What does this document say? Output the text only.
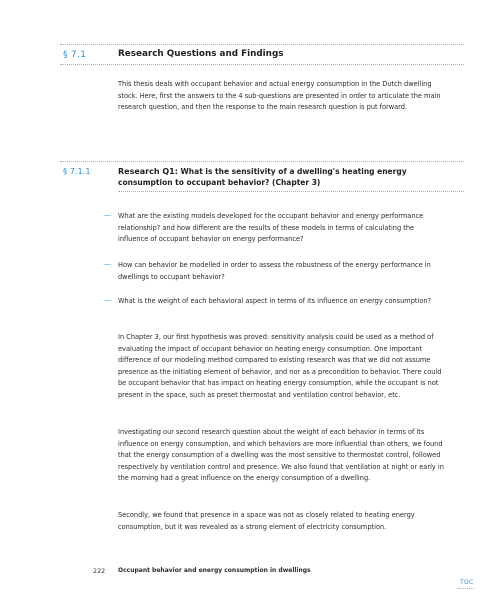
§ 7.1	Research Questions and Findings

This thesis deals with occupant behavior and actual energy consumption in the Dutch dwelling stock. Here, first the answers to the 4 sub-questions are presented in order to articulate the main research question, and then the response to the main research question is put forward.

§ 7.1.1	Research Q1: What is the sensitivity of a dwelling's heating energy consumption to occupant behavior? (Chapter 3)
— What are the existing models developed for the occupant behavior and energy performance relationship? and how different are the results of these models in terms of calculating the influence of occupant behavior on energy performance?
— How can behavior be modelled in order to assess the robustness of the energy performance in dwellings to occupant behavior?
— What is the weight of each behavioral aspect in terms of its influence on energy consumption?
In Chapter 3, our first hypothesis was proved: sensitivity analysis could be used as a method of evaluating the impact of occupant behavior on heating energy consumption. One important difference of our modeling method compared to existing research was that we did not assume presence as the initiating element of behavior, and nor as a precondition to behavior. There could be occupant behavior that has impact on heating energy consumption, while the occupant is not present in the space, such as preset thermostat and ventilation control behavior, etc.
Investigating our second research question about the weight of each behavior in terms of its influence on energy consumption, and which behaviors are more influential than others, we found that the energy consumption of a dwelling was the most sensitive to thermostat control, followed respectively by ventilation control and presence. We also found that ventilation at night or early in the morning had a great influence on the energy consumption of a dwelling.
Secondly, we found that presence in a space was not as closely related to heating energy consumption, but it was revealed as a strong element of electricity consumption.
222 Occupant behavior and energy consumption in dwellings
TOC
